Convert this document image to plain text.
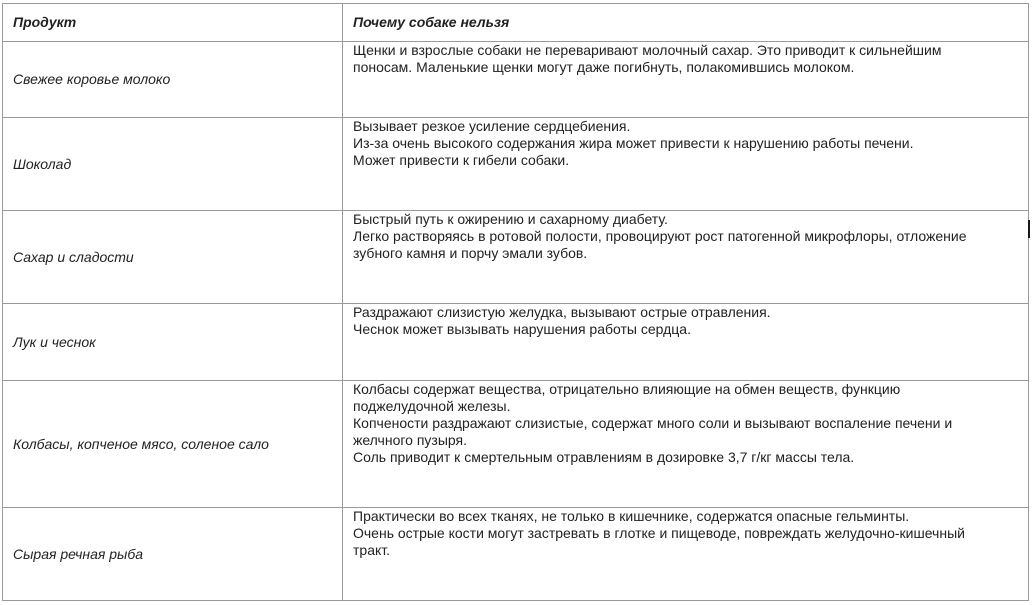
Продукт	Почему собаке нельзя
Свежее коровье молоко	Щенки и взрослые собаки не переваривают молочный сахар. Это приводит к сильнейшим
поносам. Маленькие щенки могут даже погибнуть, полакомившись молоком.

Шоколад	Вызывает резкое усиление сердцебиения.
Из-за очень высокого содержания жира может привести к нарушению работы печени.
Может привести к гибели собаки.

Сахар и сладости	Быстрый путь к ожирению и сахарному диабету.
Легко растворяясь в ротовой полости, провоцируют рост патогенной микрофлоры, отложение
зубного камня и порчу эмали зубов.

Лук и чеснок	Раздражают слизистую желудка, вызывают острые отравления.
Чеснок может вызывать нарушения работы сердца.

Колбасы, копченое мясо, соленое сало	Колбасы содержат вещества, отрицательно влияющие на обмен веществ, функцию
поджелудочной железы.
Копчености раздражают слизистые, содержат много соли и вызывают воспаление печени и
желчного пузыря.
Соль приводит к смертельным отравлениям в дозировке 3,7 г/кг массы тела.

Сырая речная рыба	Практически во всех тканях, не только в кишечнике, содержатся опасные гельминты.
Очень острые кости могут застревать в глотке и пищеводе, повреждать желудочно-кишечный
тракт.
